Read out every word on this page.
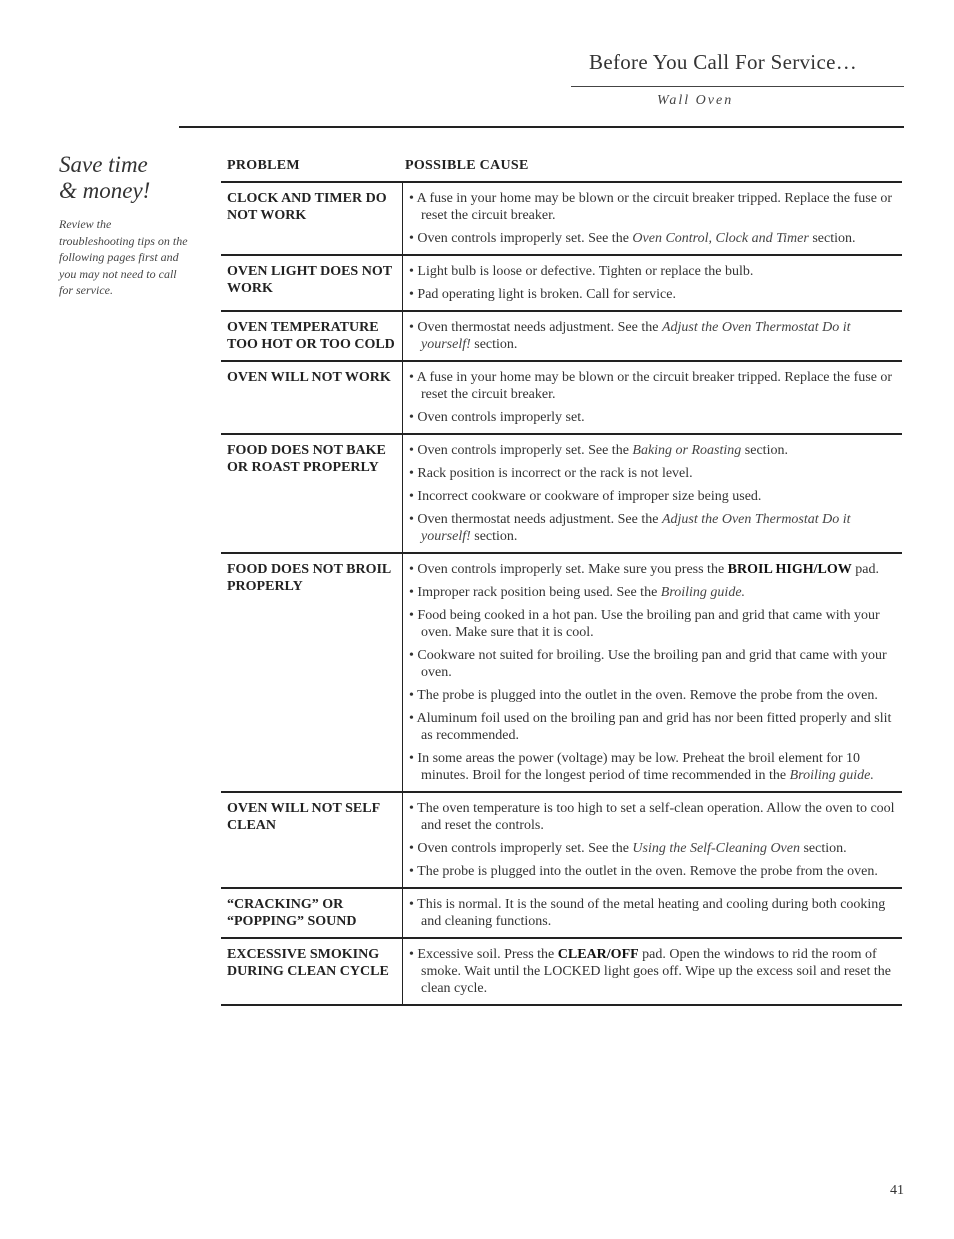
Before You Call For Service…
Wall Oven
Save time
& money!
Review the troubleshooting tips on the following pages first and you may not need to call for service.
PROBLEM	POSSIBLE CAUSE
CLOCK AND TIMER DO NOT WORK
• A fuse in your home may be blown or the circuit breaker tripped. Replace the fuse or reset the circuit breaker.
• Oven controls improperly set. See the Oven Control, Clock and Timer section.
OVEN LIGHT DOES NOT WORK
• Light bulb is loose or defective. Tighten or replace the bulb.
• Pad operating light is broken. Call for service.
OVEN TEMPERATURE TOO HOT OR TOO COLD
• Oven thermostat needs adjustment. See the Adjust the Oven Thermostat Do it yourself! section.
OVEN WILL NOT WORK	• A fuse in your home may be blown or the circuit breaker tripped. Replace the fuse or reset the circuit breaker.
• Oven controls improperly set.
FOOD DOES NOT BAKE OR ROAST PROPERLY
• Oven controls improperly set. See the Baking or Roasting section.
• Rack position is incorrect or the rack is not level.
• Incorrect cookware or cookware of improper size being used.
• Oven thermostat needs adjustment. See the Adjust the Oven Thermostat Do it yourself! section.
FOOD DOES NOT BROIL PROPERLY
• Oven controls improperly set. Make sure you press the BROIL HIGH/LOW pad.
• Improper rack position being used. See the Broiling guide.
• Food being cooked in a hot pan. Use the broiling pan and grid that came with your oven. Make sure that it is cool.
• Cookware not suited for broiling. Use the broiling pan and grid that came with your oven.
• The probe is plugged into the outlet in the oven. Remove the probe from the oven.
• Aluminum foil used on the broiling pan and grid has nor been fitted properly and slit as recommended.
• In some areas the power (voltage) may be low. Preheat the broil element for 10 minutes. Broil for the longest period of time recommended in the Broiling guide.
OVEN WILL NOT SELF CLEAN
• The oven temperature is too high to set a self-clean operation. Allow the oven to cool and reset the controls.
• Oven controls improperly set. See the Using the Self-Cleaning Oven section.
• The probe is plugged into the outlet in the oven. Remove the probe from the oven.
“CRACKING” OR “POPPING” SOUND
• This is normal. It is the sound of the metal heating and cooling during both cooking and cleaning functions.
EXCESSIVE SMOKING DURING CLEAN CYCLE
• Excessive soil. Press the CLEAR/OFF pad. Open the windows to rid the room of smoke. Wait until the LOCKED light goes off. Wipe up the excess soil and reset the clean cycle.
41
